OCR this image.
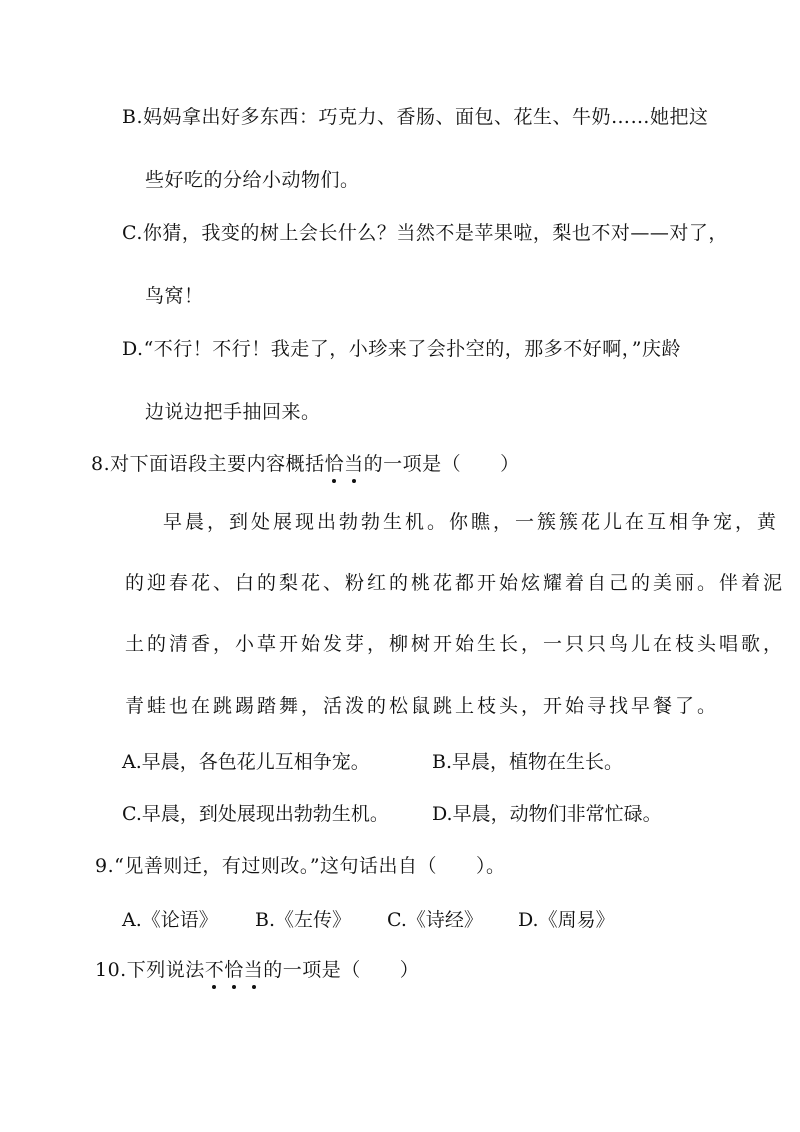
B.妈妈拿出好多东西：巧克力、香肠、面包、花生、牛奶……她把这
些好吃的分给小动物们。
C.你猜，我变的树上会长什么？当然不是苹果啦，梨也不对——对了，
鸟窝！
D.“不行！不行！我走了，小珍来了会扑空的，那多不好啊，”庆龄
边说边把手抽回来。
8.对下面语段主要内容概括恰当的一项是（　　）
早晨，到处展现出勃勃生机。你瞧，一簇簇花儿在互相争宠，黄
的迎春花、白的梨花、粉红的桃花都开始炫耀着自己的美丽。伴着泥
土的清香，小草开始发芽，柳树开始生长，一只只鸟儿在枝头唱歌，
青蛙也在跳踢踏舞，活泼的松鼠跳上枝头，开始寻找早餐了。
A.早晨，各色花儿互相争宠。	B.早晨，植物在生长。
C.早晨，到处展现出勃勃生机。 D.早晨，动物们非常忙碌。
9.“见善则迁，有过则改。”这句话出自（　　）。
A.《论语》 B.《左传》 C.《诗经》 D.《周易》
10.下列说法不恰当的一项是（　　）
